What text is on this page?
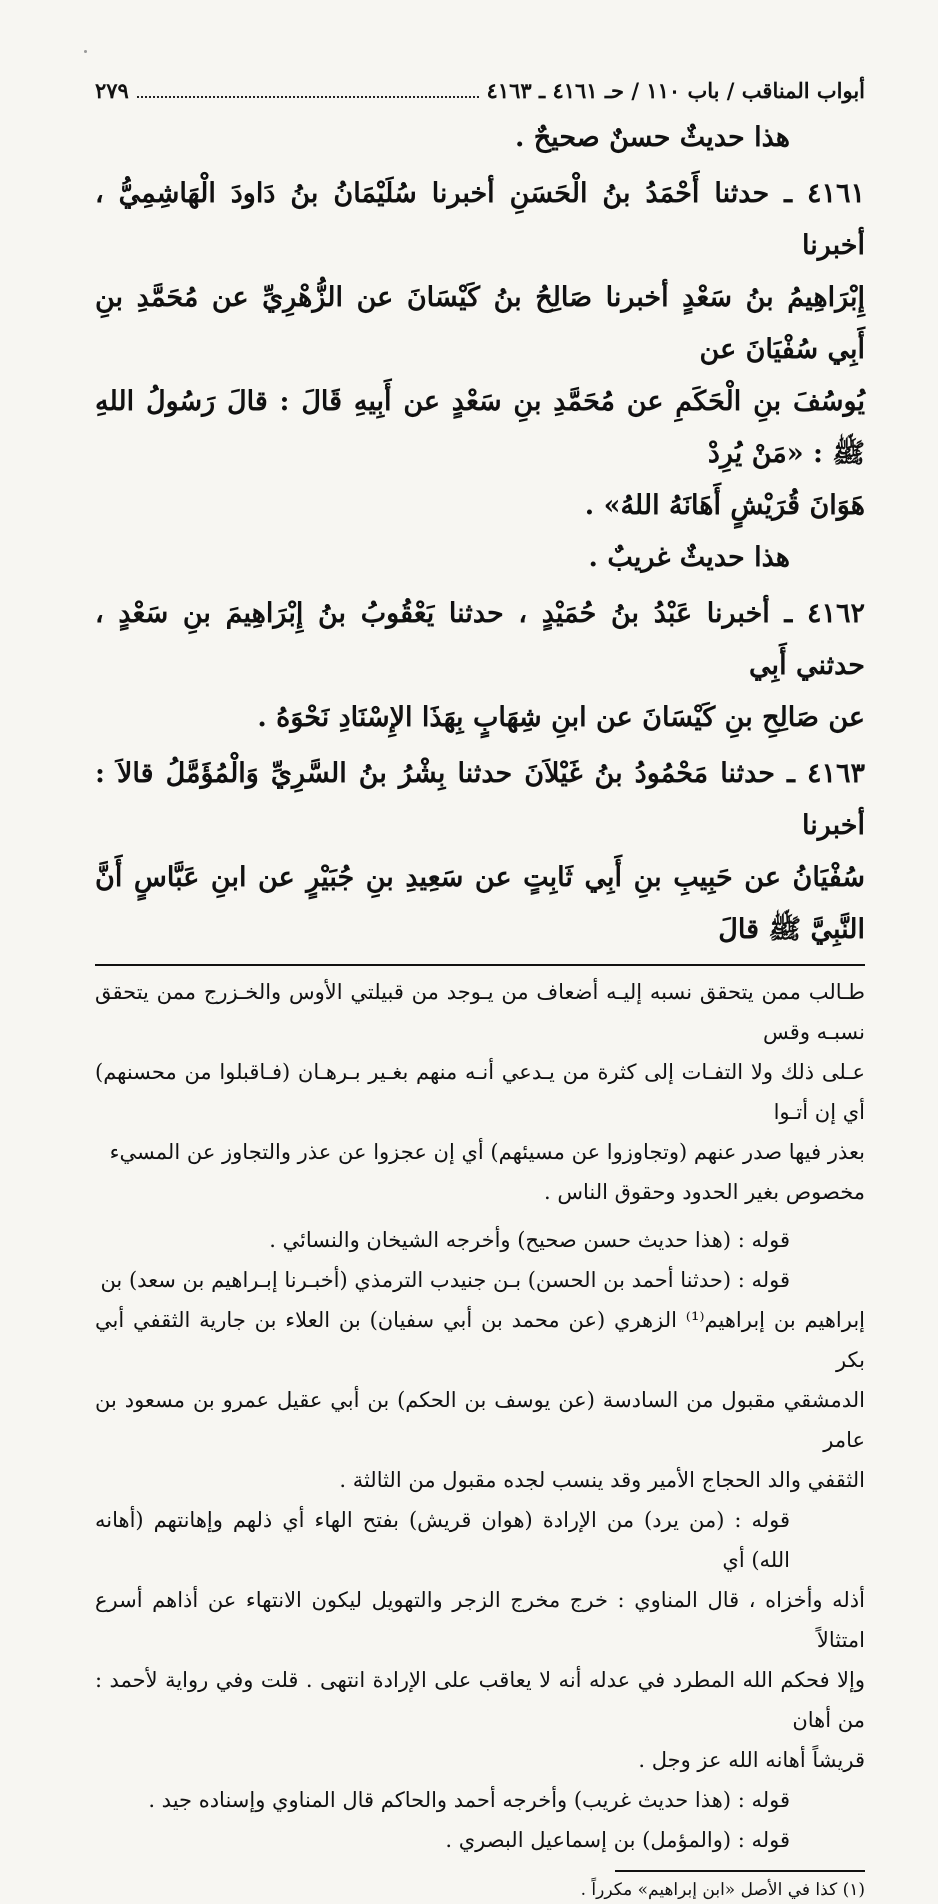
أبواب المناقب / باب ١١٠ / حـ ٤١٦١ ـ ٤١٦٣
٢٧٩

هذا حديثٌ حسنٌ صحيحٌ .

٤١٦١ ـ حدثنا أَحْمَدُ بنُ الْحَسَنِ أخبرنا سُلَيْمَانُ بنُ دَاودَ الْهَاشِمِيُّ ، أخبرنا

إِبْرَاهِيمُ بنُ سَعْدٍ أخبرنا صَالِحُ بنُ كَيْسَانَ عن الزُّهْرِيِّ عن مُحَمَّدِ بنِ أَبِي سُفْيَانَ عن

يُوسُفَ بنِ الْحَكَمِ عن مُحَمَّدِ بنِ سَعْدٍ عن أَبِيهِ قَالَ : قالَ رَسُولُ اللهِ ﷺ : «مَنْ يُرِدْ

هَوَانَ قُرَيْشٍ أَهَانَهُ اللهُ» .

هذا حديثٌ غريبٌ .

٤١٦٢ ـ أخبرنا عَبْدُ بنُ حُمَيْدٍ ، حدثنا يَعْقُوبُ بنُ إِبْرَاهِيمَ بنِ سَعْدٍ ، حدثني أَبِي

عن صَالِحِ بنِ كَيْسَانَ عن ابنِ شِهَابٍ بِهَذَا الإِسْنَادِ نَحْوَهُ .

٤١٦٣ ـ حدثنا مَحْمُودُ بنُ غَيْلاَنَ حدثنا بِشْرُ بنُ السَّرِيِّ وَالْمُؤَمَّلُ قالاَ : أخبرنا

سُفْيَانُ عن حَبِيبِ بنِ أَبِي ثَابِتٍ عن سَعِيدِ بنِ جُبَيْرٍ عن ابنِ عَبَّاسٍ أَنَّ النَّبِيَّ ﷺ قالَ

طـالب ممن يتحقق نسبه إليـه أضعاف من يـوجد من قبيلتي الأوس والخـزرج ممن يتحقق نسبـه وقس

عـلى ذلك ولا التفـات إلى كثرة من يـدعي أنـه منهم بغـير بـرهـان (فـاقبلوا من محسنهم) أي إن أتـوا

بعذر فيها صدر عنهم (وتجاوزوا عن مسيئهم) أي إن عجزوا عن عذر والتجاوز عن المسيء

مخصوص بغير الحدود وحقوق الناس .

قوله : (هذا حديث حسن صحيح) وأخرجه الشيخان والنسائي .

قوله : (حدثنا أحمد بن الحسن) بـن جنيدب الترمذي (أخبـرنا إبـراهيم بن سعد) بن

إبراهيم بن إبراهيم⁽¹⁾ الزهري (عن محمد بن أبي سفيان) بن العلاء بن جارية الثقفي أبي بكر

الدمشقي مقبول من السادسة (عن يوسف بن الحكم) بن أبي عقيل عمرو بن مسعود بن عامر

الثقفي والد الحجاج الأمير وقد ينسب لجده مقبول من الثالثة .

قوله : (من يرد) من الإرادة (هوان قريش) بفتح الهاء أي ذلهم وإهانتهم (أهانه الله) أي

أذله وأخزاه ، قال المناوي : خرج مخرج الزجر والتهويل ليكون الانتهاء عن أذاهم أسرع امتثالاً

وإلا فحكم الله المطرد في عدله أنه لا يعاقب على الإرادة انتهى . قلت وفي رواية لأحمد : من أهان

قريشاً أهانه الله عز وجل .

قوله : (هذا حديث غريب) وأخرجه أحمد والحاكم قال المناوي وإسناده جيد .

قوله : (والمؤمل) بن إسماعيل البصري .

(١) كذا في الأصل «ابن إبراهيم» مكرراً .
